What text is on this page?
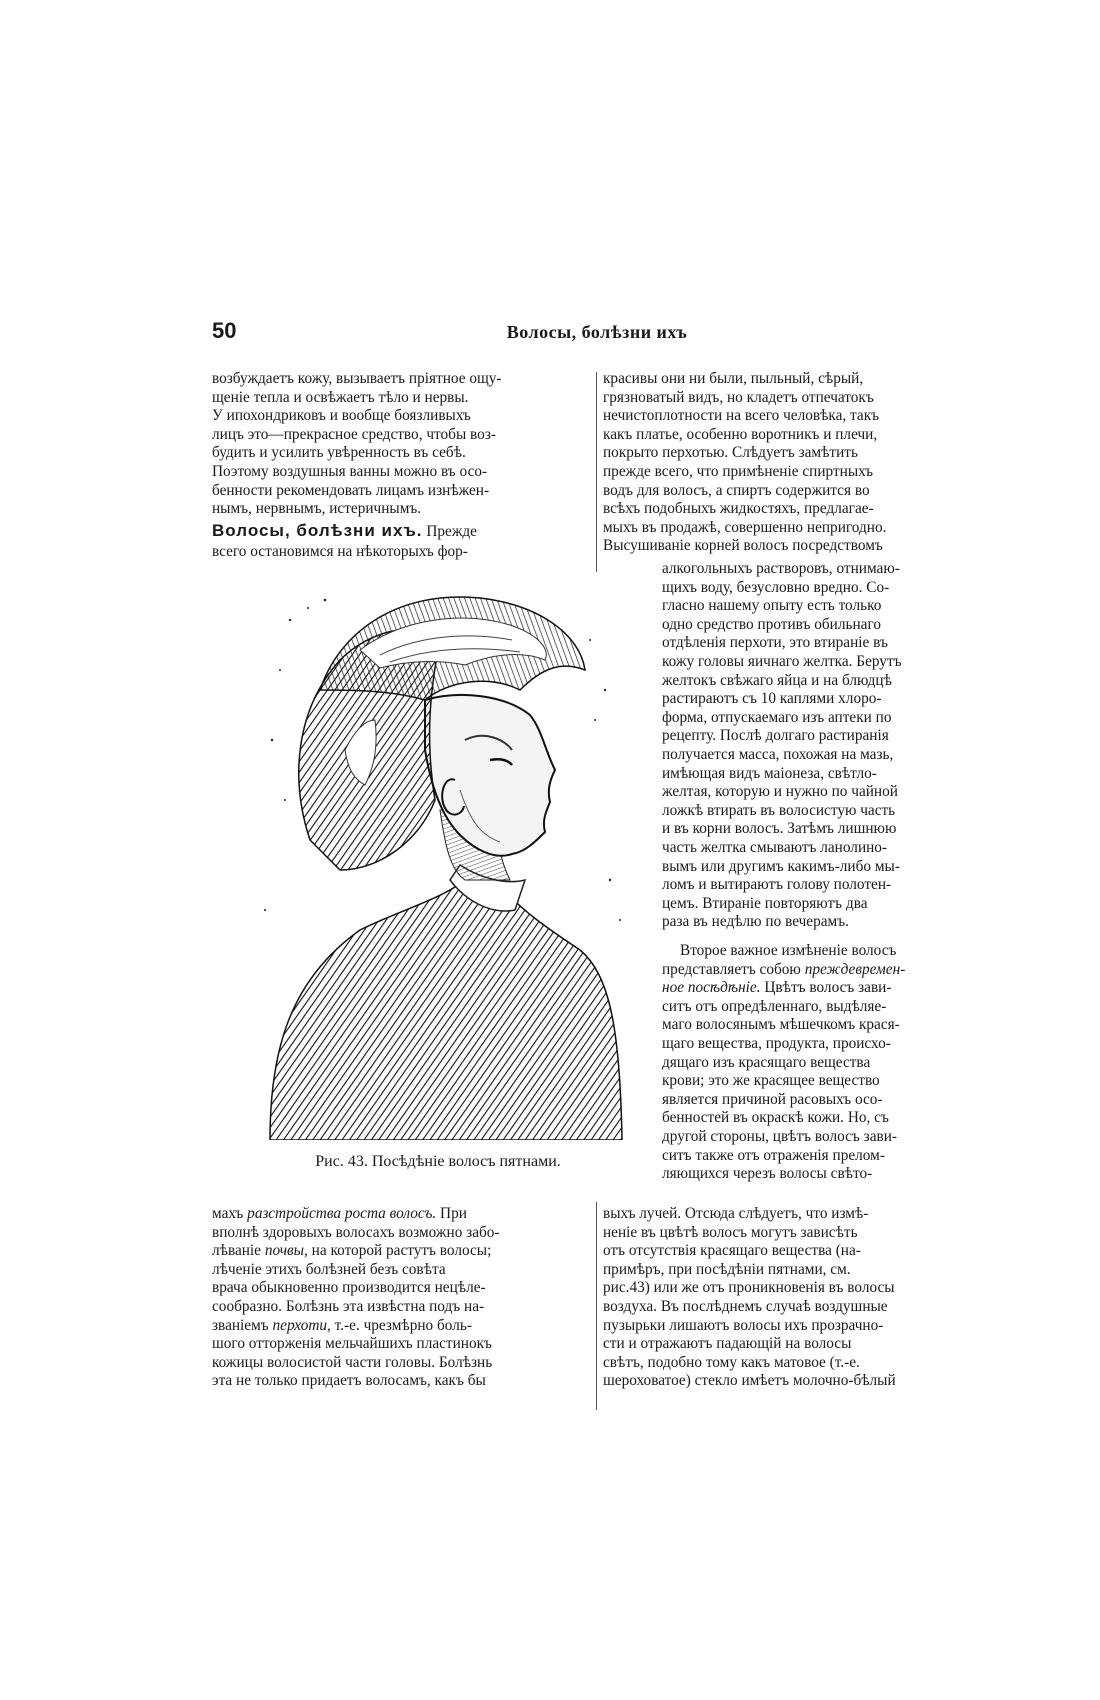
50	Волосы, болѣзни ихъ
возбуждаетъ кожу, вызываетъ пріятное ощу-
щеніе тепла и освѣжаетъ тѣло и нервы.
У ипохондриковъ и вообще боязливыхъ
лицъ это—прекрасное средство, чтобы воз-
будить и усилить увѣренность въ себѣ.
Поэтому воздушныя ванны можно въ осо-
бенности рекомендовать лицамъ изнѣжен-
нымъ, нервнымъ, истеричнымъ.
Волосы, болѣзни ихъ. Прежде
всего остановимся на нѣкоторыхъ фор-
Рис. 43. Посѣдѣніе волосъ пятнами.
махъ разстройства роста волосъ. При
вполнѣ здоровыхъ волосахъ возможно забо-
лѣваніе почвы, на которой растутъ волосы;
лѣченіе этихъ болѣзней безъ совѣта
врача обыкновенно производится нецѣле-
сообразно. Болѣзнь эта извѣстна подъ на-
званіемъ перхоти, т.-е. чрезмѣрно боль-
шого отторженія мельчайшихъ пластинокъ
кожицы волосистой части головы. Болѣзнь
эта не только придаетъ волосамъ, какъ бы
красивы они ни были, пыльный, сѣрый,
грязноватый видъ, но кладетъ отпечатокъ
нечистоплотности на всего человѣка, такъ
какъ платье, особенно воротникъ и плечи,
покрыто перхотью. Слѣдуетъ замѣтить
прежде всего, что примѣненіе спиртныхъ
водъ для волосъ, а спиртъ содержится во
всѣхъ подобныхъ жидкостяхъ, предлагае-
мыхъ въ продажѣ, совершенно непригодно.
Высушиваніе корней волосъ посредствомъ
алкогольныхъ растворовъ, отнимаю-
щихъ воду, безусловно вредно. Со-
гласно нашему опыту есть только
одно средство противъ обильнаго
отдѣленія перхоти, это втираніе въ
кожу головы яичнаго желтка. Берутъ
желтокъ свѣжаго яйца и на блюдцѣ
растираютъ съ 10 каплями хлоро-
форма, отпускаемаго изъ аптеки по
рецепту. Послѣ долгаго растиранія
получается масса, похожая на мазь,
имѣющая видъ маіонеза, свѣтло-
желтая, которую и нужно по чайной
ложкѣ втирать въ волосистую часть
и въ корни волосъ. Затѣмъ лишнюю
часть желтка смываютъ ланолино-
вымъ или другимъ какимъ-либо мы-
ломъ и вытираютъ голову полотен-
цемъ. Втираніе повторяютъ два
раза въ недѣлю по вечерамъ.
Второе важное измѣненіе волосъ
представляетъ собою преждевремен-
ное посѣдѣніе. Цвѣтъ волосъ зави-
ситъ отъ опредѣленнаго, выдѣляе-
маго волосянымъ мѣшечкомъ крася-
щаго вещества, продукта, происхо-
дящаго изъ красящаго вещества
крови; это же красящее вещество
является причиной расовыхъ осо-
бенностей въ окраскѣ кожи. Но, съ
другой стороны, цвѣтъ волосъ зави-
ситъ также отъ отраженія прелом-
ляющихся черезъ волосы свѣто-
выхъ лучей. Отсюда слѣдуетъ, что измѣ-
неніе въ цвѣтѣ волосъ могутъ зависѣть
отъ отсутствія красящаго вещества (на-
примѣръ, при посѣдѣніи пятнами, см.
рис.43) или же отъ проникновенія въ волосы
воздуха. Въ послѣднемъ случаѣ воздушные
пузырьки лишаютъ волосы ихъ прозрачно-
сти и отражаютъ падающій на волосы
свѣтъ, подобно тому какъ матовое (т.-е.
шероховатое) стекло имѣетъ молочно-бѣлый
